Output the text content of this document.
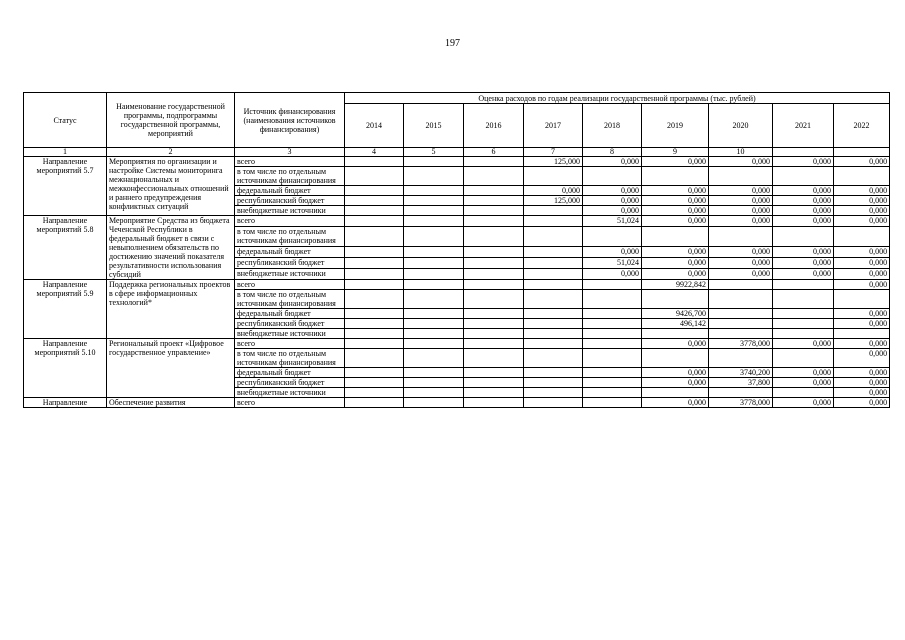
197
Статус	Наименование государственной программы, подпрограммы государственной программы, мероприятий	Источник финансирования (наименования источников финансирования)	Оценка расходов по годам реализации государственной программы (тыс. рублей)								
			2014	2015	2016	2017	2018	2019	2020	2021	2022
1	2	3	4	5	6	7	8	9	10		
Направление мероприятий 5.7	Мероприятия по организации и настройке Системы мониторинга межнациональных и межконфессиональных отношений и раннего предупреждения конфликтных ситуаций	всего				125,000	0,000	0,000	0,000	0,000	0,000
		в том числе по отдельным источникам финансирования									
		федеральный бюджет				0,000	0,000	0,000	0,000	0,000	0,000
		республиканский бюджет				125,000	0,000	0,000	0,000	0,000	0,000
		внебюджетные источники					0,000	0,000	0,000	0,000	0,000
Направление мероприятий 5.8	Мероприятие Средства из бюджета Чеченской Республики в федеральный бюджет в связи с невыполнением обязательств по достижению значений показателя результативности использования субсидий	всего					51,024	0,000	0,000	0,000	0,000
		в том числе по отдельным источникам финансирования									
		федеральный бюджет					0,000	0,000	0,000	0,000	0,000
		республиканский бюджет					51,024	0,000	0,000	0,000	0,000
		внебюджетные источники					0,000	0,000	0,000	0,000	0,000
Направление мероприятий 5.9	Поддержка региональных проектов в сфере информационных технологий*	всего						9922,842			0,000
		в том числе по отдельным источникам финансирования									
		федеральный бюджет						9426,700			0,000
		республиканский бюджет						496,142			0,000
		внебюджетные источники									
Направление мероприятий 5.10	Региональный проект «Цифровое государственное управление»	всего						0,000	3778,000	0,000	0,000
		в том числе по отдельным источникам финансирования									0,000
		федеральный бюджет						0,000	3740,200	0,000	0,000
		республиканский бюджет						0,000	37,800	0,000	0,000
		внебюджетные источники									0,000
Направление	Обеспечение развития	всего						0,000	3778,000	0,000	0,000
